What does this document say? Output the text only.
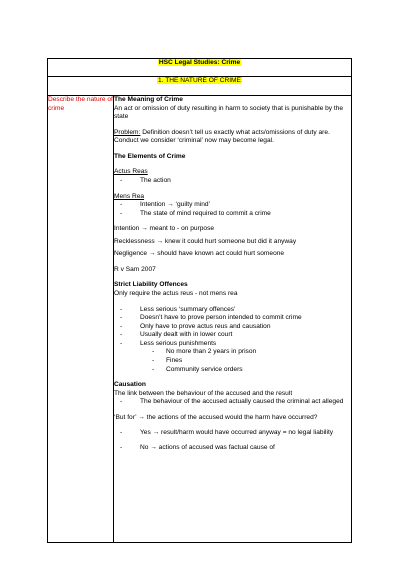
HSC Legal Studies: Crime
1. THE NATURE OF CRIME
Describe the nature of crime	

The Meaning of Crime

An act or omission of duty resulting in harm to society that is punishable by the state

Problem: Definition doesn’t tell us exactly what acts/omissions of duty are. Conduct we consider ‘criminal’ now may become legal.

The Elements of Crime

Actus Reas

- The action

Mens Rea

- Intention → ‘guilty mind’

- The state of mind required to commit a crime

Intention → meant to - on purpose

Recklessness → knew it could hurt someone but did it anyway

Negligence → should have known act could hurt someone

R v Sam 2007

Strict Liability Offences

Only require the actus reus - not mens rea

- Less serious ‘summary offences’

- Doesn’t have to prove person intended to commit crime

- Only have to prove actus reus and causation

- Usually dealt with in lower court

- Less serious punishments

- No more than 2 years in prison

- Fines

- Community service orders

Causation

The link between the behaviour of the accused and the result

- The behaviour of the accused actually caused the criminal act alleged

‘But for’ → the actions of the accused would the harm have occurred?

- Yes → result/harm would have occurred anyway = no legal liability

- No → actions of accused was factual cause of
